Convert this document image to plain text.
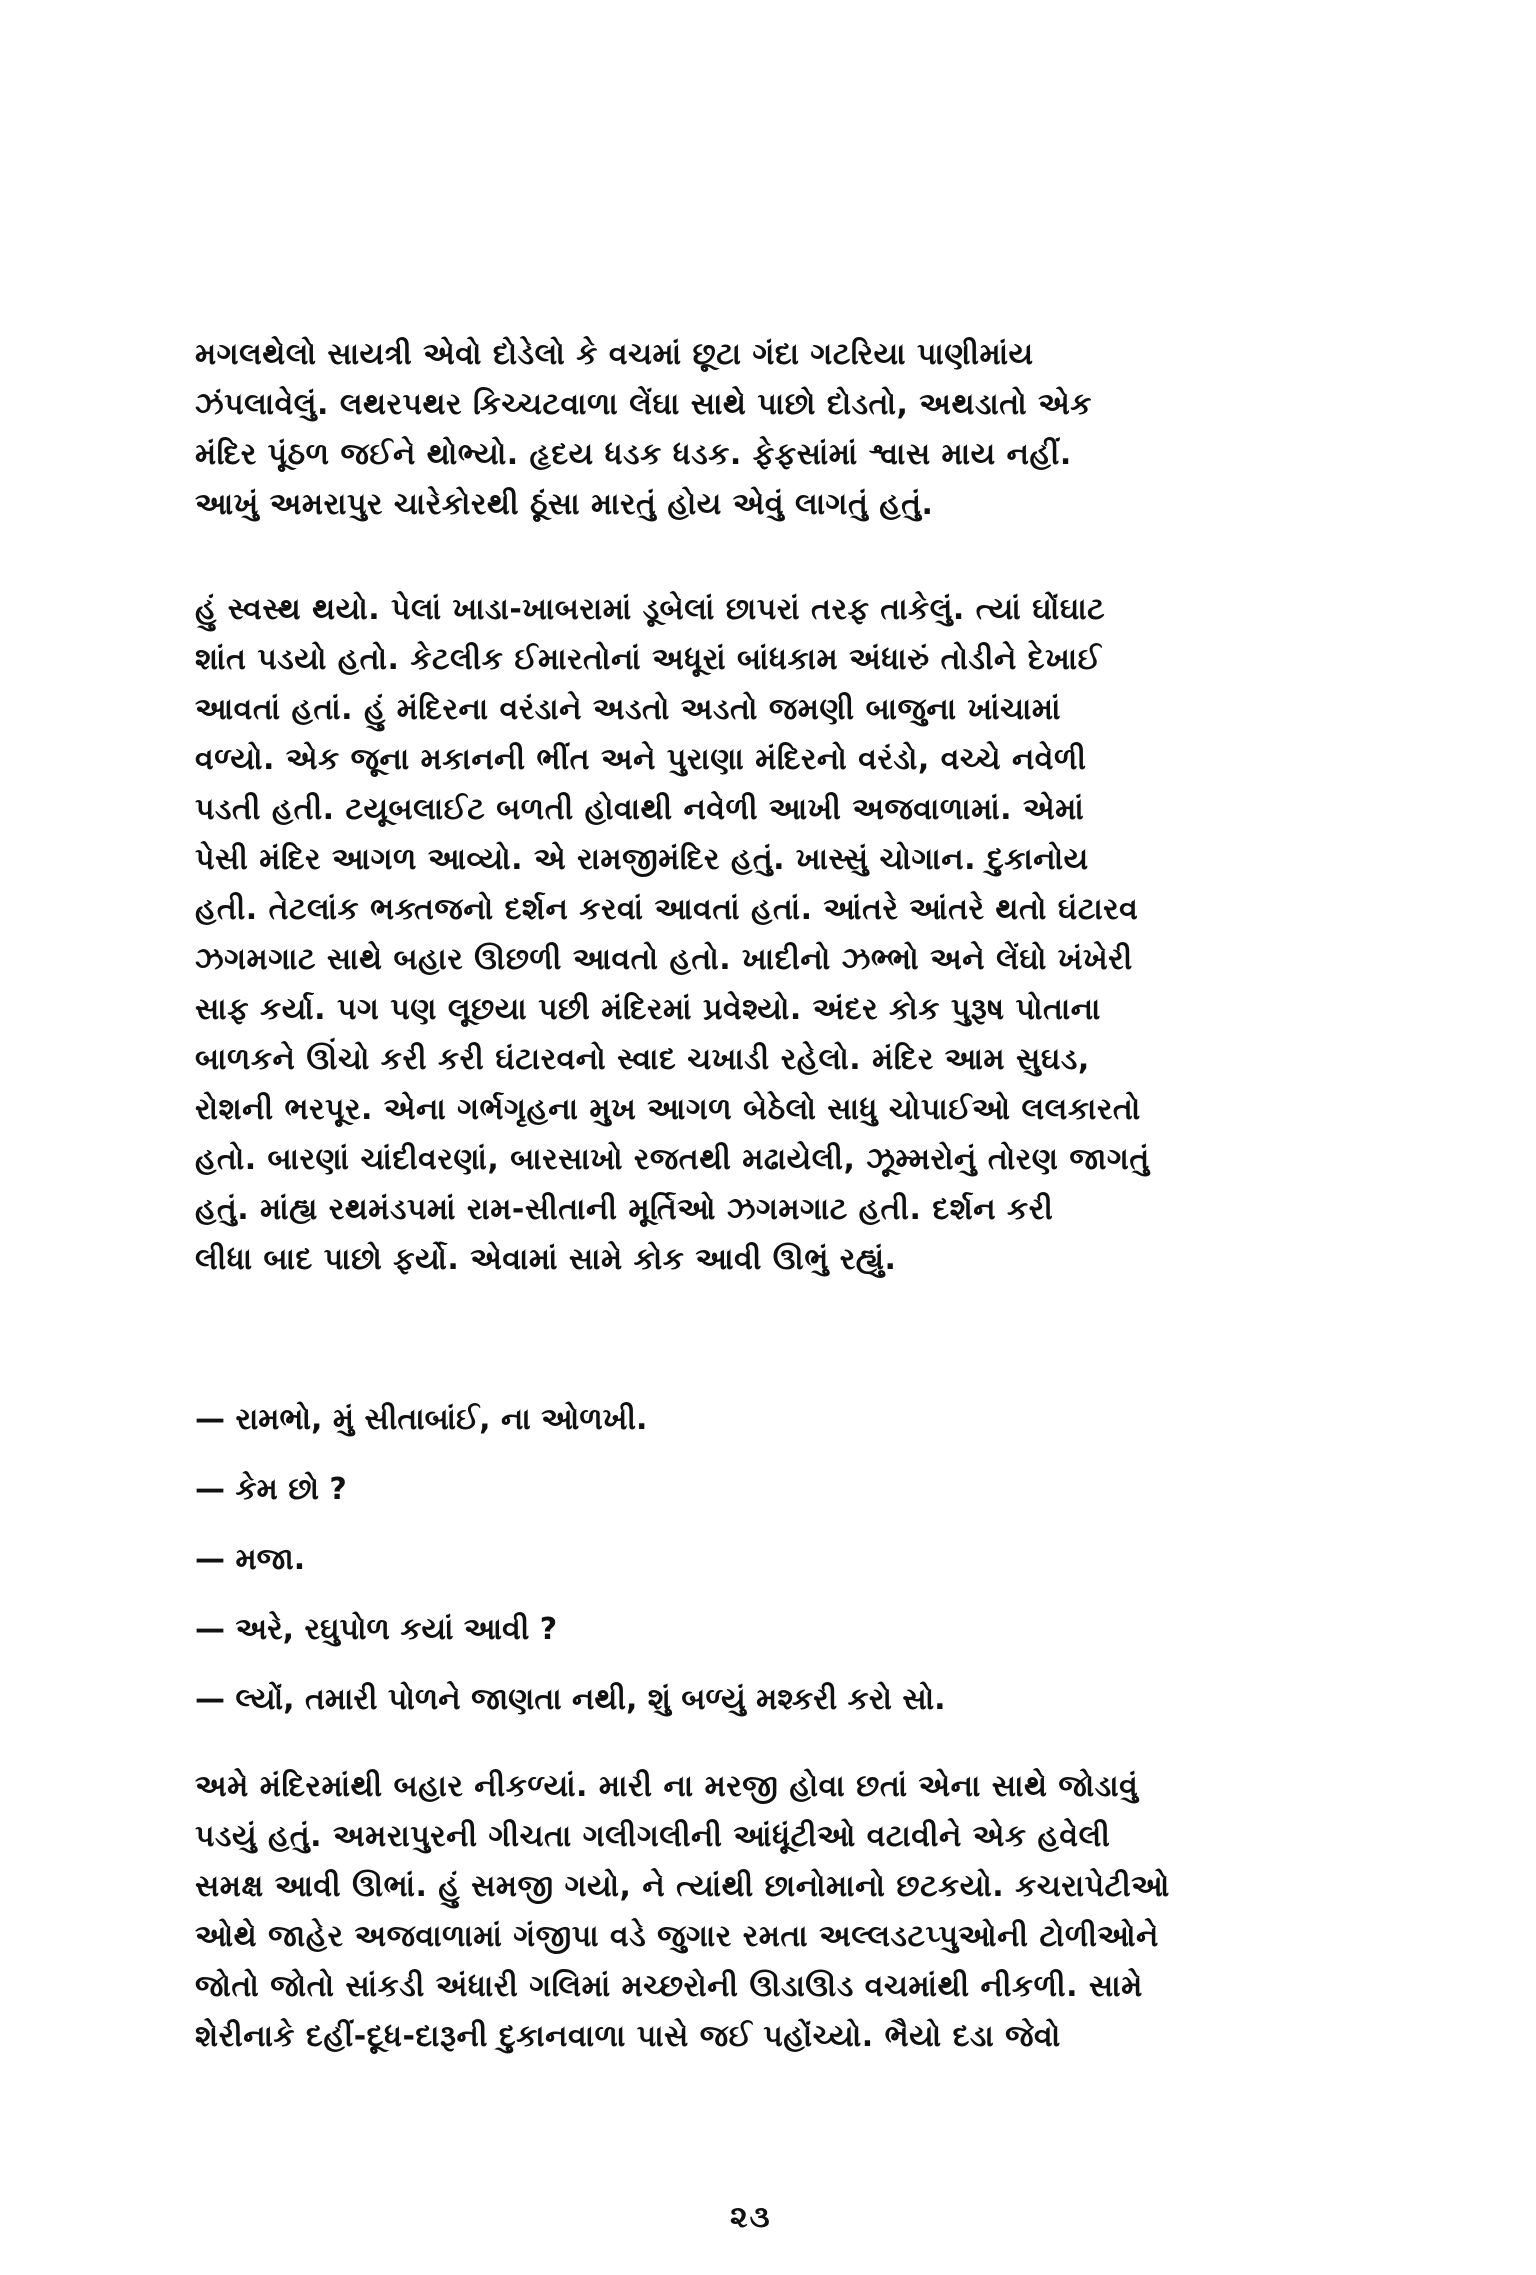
મગલથેલો સાયત્રી એવો દોડેલો કે વચમાં છૂટા ગંદા ગટરિયા પાણીમાંય
ઝંપલાવેલું. લથરપથર કિચ્ચટવાળા લેંઘા સાથે પાછો દોડતો, અથડાતો એક
મંદિર પૂંઠળ જઈને થોભ્યો. હૃદય ધડક ધડક. ફેફસાંમાં શ્વાસ માય નહીં.
આખું અમરાપુર ચારેકોરથી ઠૂંસા મારતું હોય એવું લાગતું હતું.
હું સ્વસ્થ થયો. પેલાં ખાડા-ખાબરામાં ડૂબેલાં છાપરાં તરફ તાકેલું. ત્યાં ઘોંઘાટ
શાંત પડયો હતો. કેટલીક ઈમારતોનાં અધૂરાં બાંધકામ અંધારું તોડીને દેખાઈ
આવતાં હતાં. હું મંદિરના વરંડાને અડતો અડતો જમણી બાજુના ખાંચામાં
વળ્યો. એક જૂના મકાનની ભીંત અને પુરાણા મંદિરનો વરંડો, વચ્ચે નવેળી
પડતી હતી. ટયૂબલાઈટ બળતી હોવાથી નવેળી આખી અજવાળામાં. એમાં
પેસી મંદિર આગળ આવ્યો. એ રામજીમંદિર હતું. ખાસ્સું ચોગાન. દુકાનોય
હતી. તેટલાંક ભક્તજનો દર્શન કરવાં આવતાં હતાં. આંતરે આંતરે થતો ઘંટારવ
ઝગમગાટ સાથે બહાર ઊછળી આવતો હતો. ખાદીનો ઝભ્ભો અને લેંઘો ખંખેરી
સાફ કર્યા. પગ પણ લૂછયા પછી મંદિરમાં પ્રવેશ્યો. અંદર કોક પુરૂષ પોતાના
બાળકને ઊંચો કરી કરી ઘંટારવનો સ્વાદ ચખાડી રહેલો. મંદિર આમ સુઘડ,
રોશની ભરપૂર. એના ગર્ભગૃહના મુખ આગળ બેઠેલો સાધુ ચોપાઈઓ લલકારતો
હતો. બારણાં ચાંદીવરણાં, બારસાખો રજતથી મઢાયેલી, ઝૂમ્મરોનું તોરણ જાગતું
હતું. માંહ્ય રથમંડપમાં રામ-સીતાની મૂર્તિઓ ઝગમગાટ હતી. દર્શન કરી
લીધા બાદ પાછો ફર્યો. એવામાં સામે કોક આવી ઊભું રહ્યું.
— રામભો, મું સીતાબાંઈ, ના ઓળખી.
— કેમ છો ?
— મજા.
— અરે, રઘુપોળ કયાં આવી ?
— લ્યોં, તમારી પોળને જાણતા નથી, શું બળ્યું મશ્કરી કરો સો.
અમે મંદિરમાંથી બહાર નીકળ્યાં. મારી ના મરજી હોવા છતાં એના સાથે જોડાવું
પડયું હતું. અમરાપુરની ગીચતા ગલીગલીની આંધૂંટીઓ વટાવીને એક હવેલી
સમક્ષ આવી ઊભાં. હું સમજી ગયો, ને ત્યાંથી છાનોમાનો છટકયો. કચરાપેટીઓ
ઓથે જાહેર અજવાળામાં ગંજીપા વડે જુગાર રમતા અલ્લડટપ્પુઓની ટોળીઓને
જોતો જોતો સાંકડી અંધારી ગલિમાં મચ્છરોની ઊડાઊડ વચમાંથી નીકળી. સામે
શેરીનાકે દહીં-દૂધ-દારૂની દુકાનવાળા પાસે જઈ પહોંચ્યો. ભૈયો દડા જેવો
૨૩
